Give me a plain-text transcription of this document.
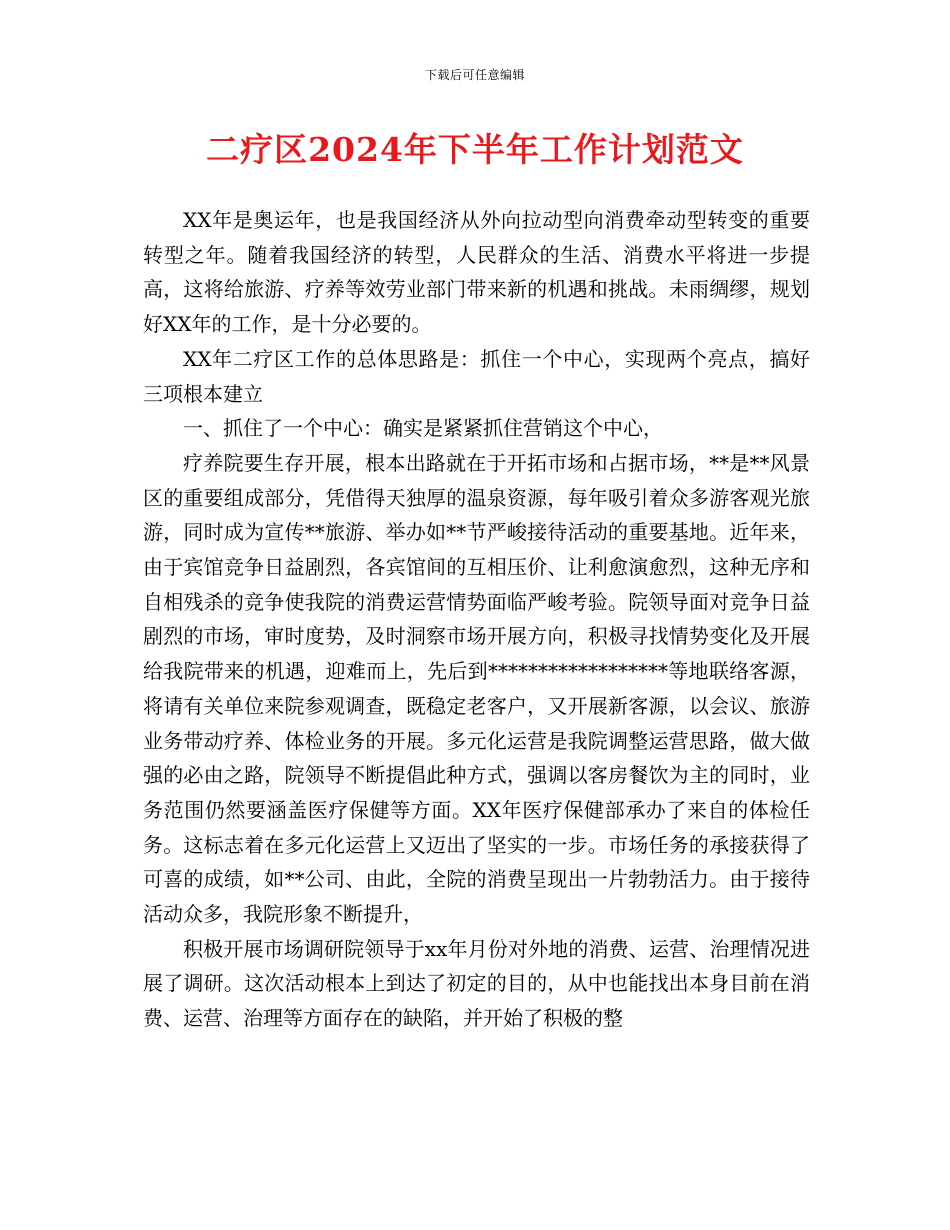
下载后可任意编辑
二疗区2024年下半年工作计划范文

XX年是奥运年，也是我国经济从外向拉动型向消费牵动型转变的重要转型之年。随着我国经济的转型，人民群众的生活、消费水平将进一步提高，这将给旅游、疗养等效劳业部门带来新的机遇和挑战。未雨绸缪，规划好XX年的工作，是十分必要的。

XX年二疗区工作的总体思路是：抓住一个中心，实现两个亮点，搞好三项根本建立

一、抓住了一个中心：确实是紧紧抓住营销这个中心，

疗养院要生存开展，根本出路就在于开拓市场和占据市场，**是**风景区的重要组成部分，凭借得天独厚的温泉资源，每年吸引着众多游客观光旅游，同时成为宣传**旅游、举办如**节严峻接待活动的重要基地。近年来，由于宾馆竞争日益剧烈，各宾馆间的互相压价、让利愈演愈烈，这种无序和自相残杀的竞争使我院的消费运营情势面临严峻考验。院领导面对竞争日益剧烈的市场，审时度势，及时洞察市场开展方向，积极寻找情势变化及开展给我院带来的机遇，迎难而上，先后到******************等地联络客源，将请有关单位来院参观调查，既稳定老客户，又开展新客源，以会议、旅游业务带动疗养、体检业务的开展。多元化运营是我院调整运营思路，做大做强的必由之路，院领导不断提倡此种方式，强调以客房餐饮为主的同时，业务范围仍然要涵盖医疗保健等方面。XX年医疗保健部承办了来自的体检任务。这标志着在多元化运营上又迈出了坚实的一步。市场任务的承接获得了可喜的成绩，如**公司、由此，全院的消费呈现出一片勃勃活力。由于接待活动众多，我院形象不断提升，

积极开展市场调研院领导于xx年月份对外地的消费、运营、治理情况进展了调研。这次活动根本上到达了初定的目的，从中也能找出本身目前在消费、运营、治理等方面存在的缺陷，并开始了积极的整
